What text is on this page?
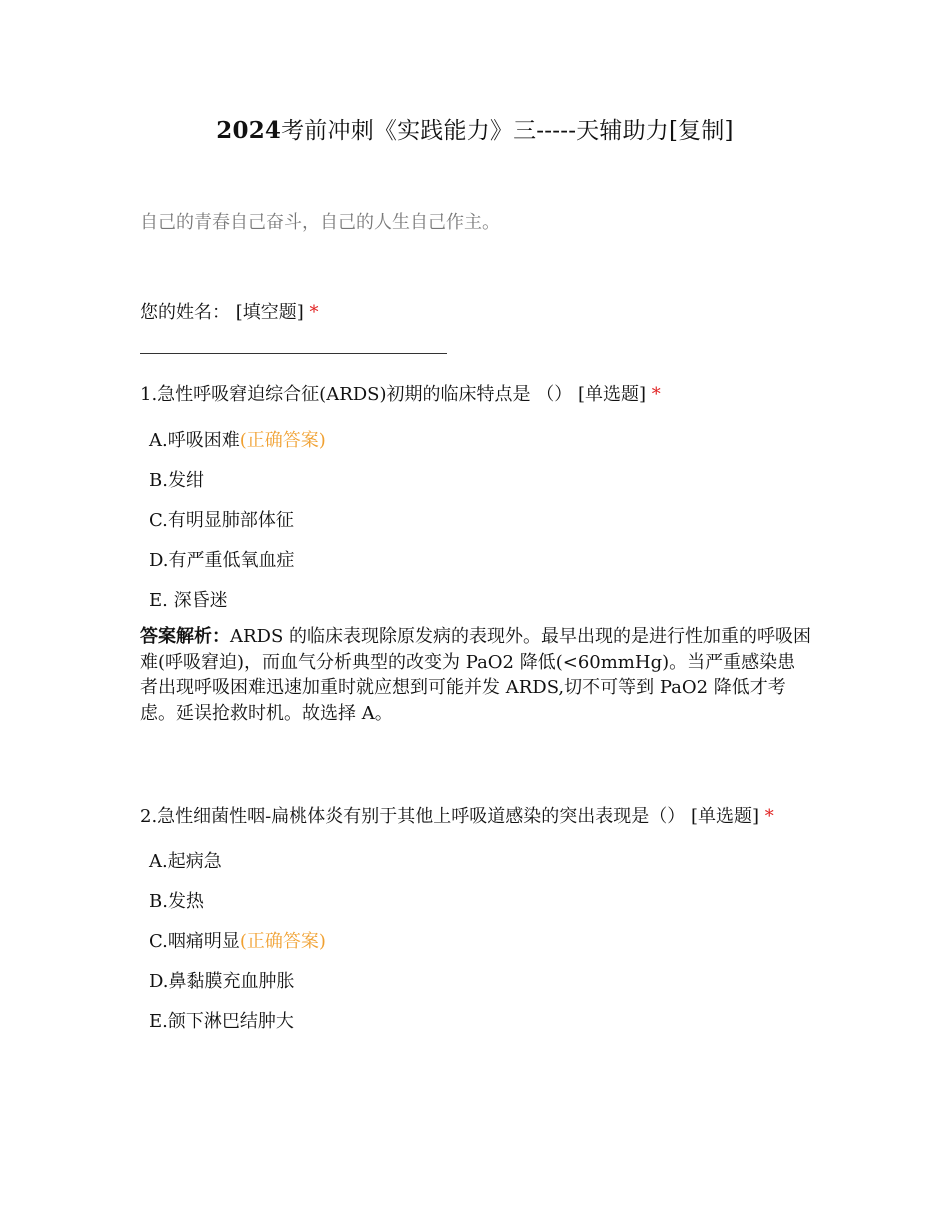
2024考前冲刺《实践能力》三-----天辅助力[复制]
自己的青春自己奋斗，自己的人生自己作主。
您的姓名： [填空题] *
1.急性呼吸窘迫综合征(ARDS)初期的临床特点是 （） [单选题] *
A.呼吸困难(正确答案)
B.发绀
C.有明显肺部体征
D.有严重低氧血症
E. 深昏迷
答案解析：ARDS 的临床表现除原发病的表现外。最早出现的是进行性加重的呼吸困难(呼吸窘迫)，而血气分析典型的改变为 PaO2 降低(<60mmHg)。当严重感染患者出现呼吸困难迅速加重时就应想到可能并发 ARDS,切不可等到 PaO2 降低才考虑。延误抢救时机。故选择 A。
2.急性细菌性咽-扁桃体炎有别于其他上呼吸道感染的突出表现是（） [单选题] *
A.起病急
B.发热
C.咽痛明显(正确答案)
D.鼻黏膜充血肿胀
E.颌下淋巴结肿大
